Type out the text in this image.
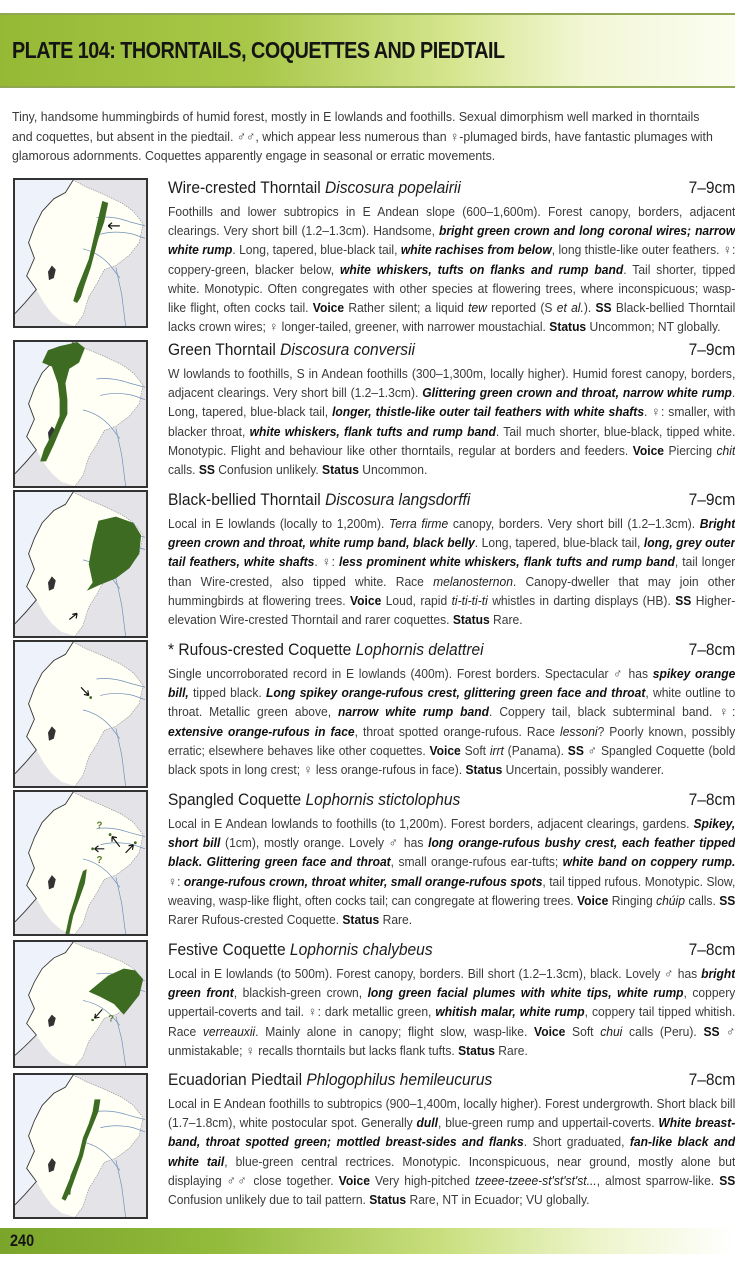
PLATE 104: THORNTAILS, COQUETTES AND PIEDTAIL
Tiny, handsome hummingbirds of humid forest, mostly in E lowlands and foothills. Sexual dimorphism well marked in thorntails and coquettes, but absent in the piedtail. ♂♂, which appear less numerous than ♀-plumaged birds, have fantastic plumages with glamorous adornments. Coquettes apparently engage in seasonal or erratic movements.
Wire-crested Thorntail Discosura popelairii	7–9cm
Foothills and lower subtropics in E Andean slope (600–1,600m). Forest canopy, borders, adjacent clearings. Very short bill (1.2–1.3cm). Handsome, bright green crown and long coronal wires; narrow white rump. Long, tapered, blue-black tail, white rachises from below, long thistle-like outer feathers. ♀: coppery-green, blacker below, white whiskers, tufts on flanks and rump band. Tail shorter, tipped white. Monotypic. Often congregates with other species at flowering trees, where inconspicuous; wasp-like flight, often cocks tail. Voice Rather silent; a liquid tew reported (S et al.). SS Black-bellied Thorntail lacks crown wires; ♀ longer-tailed, greener, with narrower moustachial. Status Uncommon; NT globally.
Green Thorntail Discosura conversii	7–9cm
W lowlands to foothills, S in Andean foothills (300–1,300m, locally higher). Humid forest canopy, borders, adjacent clearings. Very short bill (1.2–1.3cm). Glittering green crown and throat, narrow white rump. Long, tapered, blue-black tail, longer, thistle-like outer tail feathers with white shafts. ♀: smaller, with blacker throat, white whiskers, flank tufts and rump band. Tail much shorter, blue-black, tipped white. Monotypic. Flight and behaviour like other thorntails, regular at borders and feeders. Voice Piercing chit calls. SS Confusion unlikely. Status Uncommon.
Black-bellied Thorntail Discosura langsdorffi	7–9cm
Local in E lowlands (locally to 1,200m). Terra firme canopy, borders. Very short bill (1.2–1.3cm). Bright green crown and throat, white rump band, black belly. Long, tapered, blue-black tail, long, grey outer tail feathers, white shafts. ♀: less prominent white whiskers, flank tufts and rump band, tail longer than Wire-crested, also tipped white. Race melanosternon. Canopy-dweller that may join other hummingbirds at flowering trees. Voice Loud, rapid ti-ti-ti-ti whistles in darting displays (HB). SS Higher-elevation Wire-crested Thorntail and rarer coquettes. Status Rare.
* Rufous-crested Coquette Lophornis delattrei	7–8cm
Single uncorroborated record in E lowlands (400m). Forest borders. Spectacular ♂ has spikey orange bill, tipped black. Long spikey orange-rufous crest, glittering green face and throat, white outline to throat. Metallic green above, narrow white rump band. Coppery tail, black subterminal band. ♀: extensive orange-rufous in face, throat spotted orange-rufous. Race lessoni? Poorly known, possibly erratic; elsewhere behaves like other coquettes. Voice Soft irrt (Panama). SS ♂ Spangled Coquette (bold black spots in long crest; ♀ less orange-rufous in face). Status Uncertain, possibly wanderer.
?
?
Spangled Coquette Lophornis stictolophus	7–8cm
Local in E Andean lowlands to foothills (to 1,200m). Forest borders, adjacent clearings, gardens. Spikey, short bill (1cm), mostly orange. Lovely ♂ has long orange-rufous bushy crest, each feather tipped black. Glittering green face and throat, small orange-rufous ear-tufts; white band on coppery rump. ♀: orange-rufous crown, throat whiter, small orange-rufous spots, tail tipped rufous. Monotypic. Slow, weaving, wasp-like flight, often cocks tail; can congregate at flowering trees. Voice Ringing chúip calls. SS Rarer Rufous-crested Coquette. Status Rare.
?
Festive Coquette Lophornis chalybeus	7–8cm
Local in E lowlands (to 500m). Forest canopy, borders. Bill short (1.2–1.3cm), black. Lovely ♂ has bright green front, blackish-green crown, long green facial plumes with white tips, white rump, coppery uppertail-coverts and tail. ♀: dark metallic green, whitish malar, white rump, coppery tail tipped whitish. Race verreauxii. Mainly alone in canopy; flight slow, wasp-like. Voice Soft chui calls (Peru). SS ♂ unmistakable; ♀ recalls thorntails but lacks flank tufts. Status Rare.
Ecuadorian Piedtail Phlogophilus hemileucurus	7–8cm
Local in E Andean foothills to subtropics (900–1,400m, locally higher). Forest undergrowth. Short black bill (1.7–1.8cm), white postocular spot. Generally dull, blue-green rump and uppertail-coverts. White breast-band, throat spotted green; mottled breast-sides and flanks. Short graduated, fan-like black and white tail, blue-green central rectrices. Monotypic. Inconspicuous, near ground, mostly alone but displaying ♂♂ close together. Voice Very high-pitched tzeee-tzeee-st'st'st'st..., almost sparrow-like. SS Confusion unlikely due to tail pattern. Status Rare, NT in Ecuador; VU globally.
240
